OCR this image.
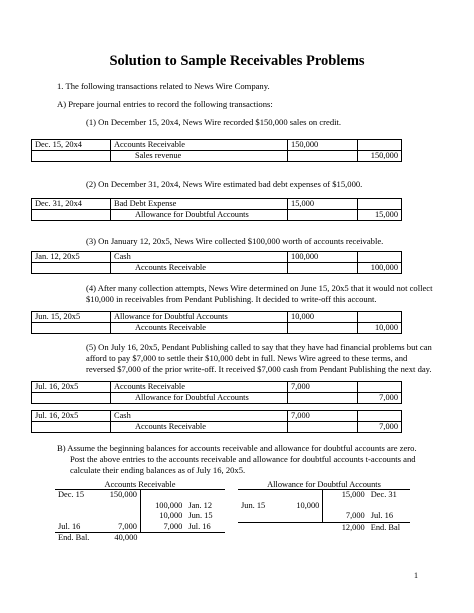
Solution to Sample Receivables Problems
1. The following transactions related to News Wire Company.
A) Prepare journal entries to record the following transactions:
(1) On December 15, 20x4, News Wire recorded $150,000 sales on credit.
Dec. 15, 20x4	Accounts Receivable	150,000	
	Sales revenue		150,000
(2) On December 31, 20x4, News Wire estimated bad debt expenses of $15,000.
Dec. 31, 20x4	Bad Debt Expense	15,000	
	Allowance for Doubtful Accounts		15,000
(3) On January 12, 20x5, News Wire collected $100,000 worth of accounts receivable.
Jan. 12, 20x5	Cash	100,000	
	Accounts Receivable		100,000
(4) After many collection attempts, News Wire determined on June 15, 20x5 that it would not collect
$10,000 in receivables from Pendant Publishing. It decided to write-off this account.
Jun. 15, 20x5	Allowance for Doubtful Accounts	10,000	
	Accounts Receivable		10,000
(5) On July 16, 20x5, Pendant Publishing called to say that they have had financial problems but can
afford to pay $7,000 to settle their $10,000 debt in full. News Wire agreed to these terms, and
reversed $7,000 of the prior write-off. It received $7,000 cash from Pendant Publishing the next day.
Jul. 16, 20x5	Accounts Receivable	7,000	
	Allowance for Doubtful Accounts		7,000
Jul. 16, 20x5	Cash	7,000	
	Accounts Receivable		7,000
B) Assume the beginning balances for accounts receivable and allowance for doubtful accounts are zero.
Post the above entries to the accounts receivable and allowance for doubtful accounts t-accounts and
calculate their ending balances as of July 16, 20x5.
Accounts Receivable
Dec. 15	150,000		
		100,000	Jan. 12
		10,000	Jun. 15
Jul. 16	7,000	7,000	Jul. 16
End. Bal.	40,000		
Allowance for Doubtful Accounts
		15,000	Dec. 31
Jun. 15	10,000		
		7,000	Jul. 16
		12,000	End. Bal
1
